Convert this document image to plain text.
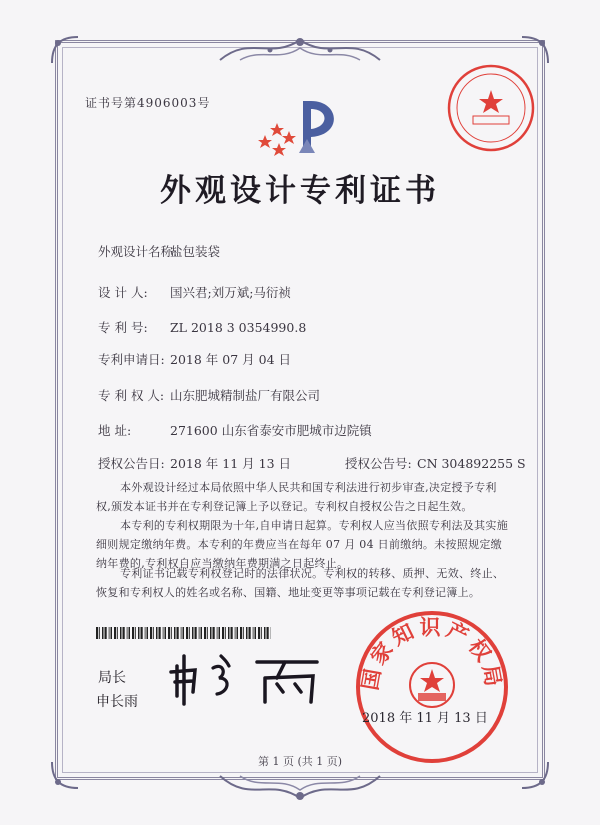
证书号第4906003号
外观设计专利证书
外观设计名称:盐包装袋
设 计 人: 国兴君;刘万斌;马衍祯
专 利 号: ZL 2018 3 0354990.8
专利申请日: 2018 年 07 月 04 日
专 利 权 人: 山东肥城精制盐厂有限公司
地 址:	271600 山东省泰安市肥城市边院镇
授权公告日: 2018 年 11 月 13 日	授权公告号: CN 304892255 S
本外观设计经过本局依照中华人民共和国专利法进行初步审查,决定授予专利权,颁发本证书并在专利登记簿上予以登记。专利权自授权公告之日起生效。
本专利的专利权期限为十年,自申请日起算。专利权人应当依照专利法及其实施细则规定缴纳年费。本专利的年费应当在每年 07 月 04 日前缴纳。未按照规定缴纳年费的,专利权自应当缴纳年费期满之日起终止。
专利证书记载专利权登记时的法律状况。专利权的转移、质押、无效、终止、恢复和专利权人的姓名或名称、国籍、地址变更等事项记载在专利登记簿上。
局长
申长雨
国家知识产权局
2018 年 11 月 13 日
第 1 页 (共 1 页)
